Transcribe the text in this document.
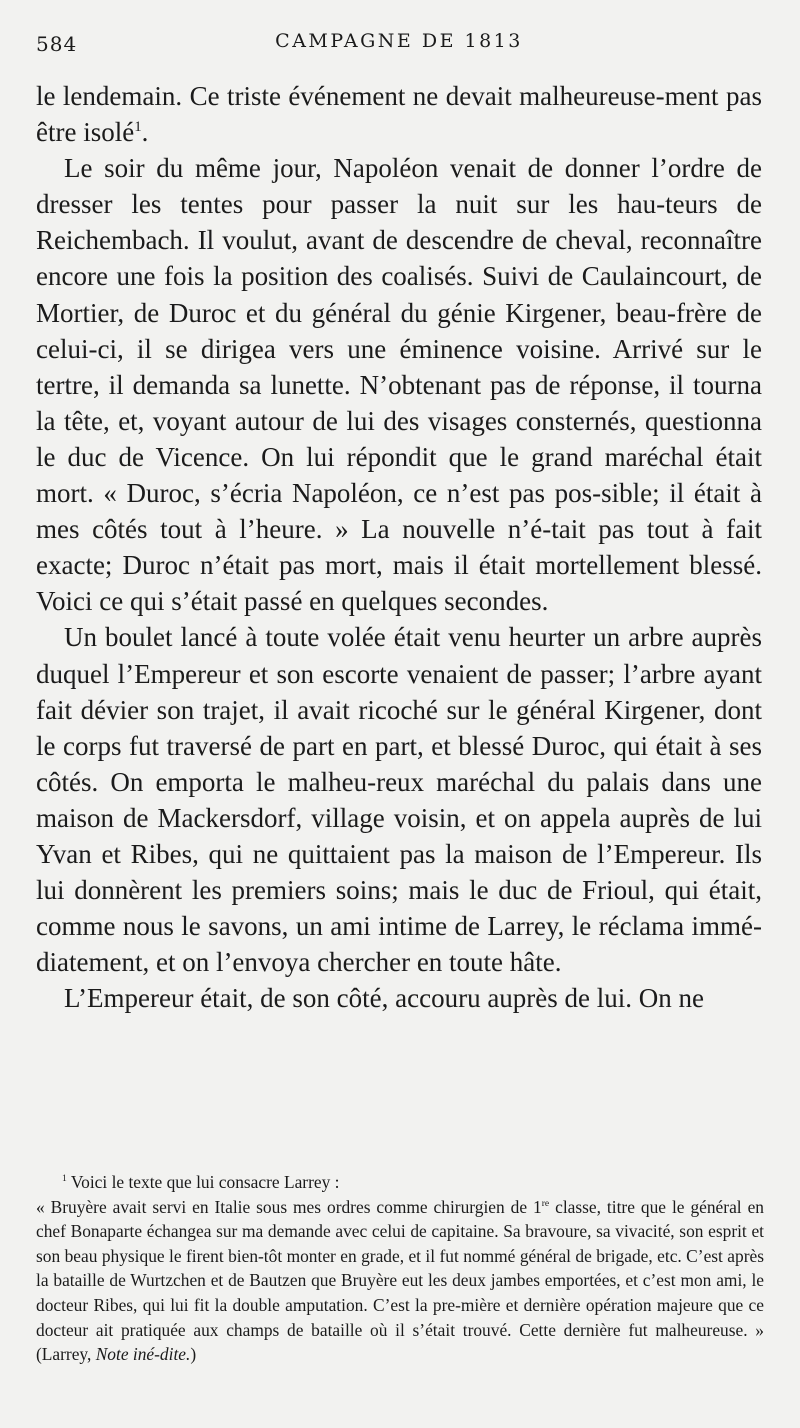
584	CAMPAGNE DE 1813

le lendemain. Ce triste événement ne devait malheureuse-ment pas être isolé$^1$.

Le soir du même jour, Napoléon venait de donner l’ordre de dresser les tentes pour passer la nuit sur les hau-teurs de Reichembach. Il voulut, avant de descendre de cheval, reconnaître encore une fois la position des coalisés. Suivi de Caulaincourt, de Mortier, de Duroc et du général du génie Kirgener, beau-frère de celui-ci, il se dirigea vers une éminence voisine. Arrivé sur le tertre, il demanda sa lunette. N’obtenant pas de réponse, il tourna la tête, et, voyant autour de lui des visages consternés, questionna le duc de Vicence. On lui répondit que le grand maréchal était mort. « Duroc, s’écria Napoléon, ce n’est pas pos-sible; il était à mes côtés tout à l’heure. » La nouvelle n’é-tait pas tout à fait exacte; Duroc n’était pas mort, mais il était mortellement blessé. Voici ce qui s’était passé en quelques secondes.

Un boulet lancé à toute volée était venu heurter un arbre auprès duquel l’Empereur et son escorte venaient de passer; l’arbre ayant fait dévier son trajet, il avait ricoché sur le général Kirgener, dont le corps fut traversé de part en part, et blessé Duroc, qui était à ses côtés. On emporta le malheu-reux maréchal du palais dans une maison de Mackersdorf, village voisin, et on appela auprès de lui Yvan et Ribes, qui ne quittaient pas la maison de l’Empereur. Ils lui donnèrent les premiers soins; mais le duc de Frioul, qui était, comme nous le savons, un ami intime de Larrey, le réclama immé-diatement, et on l’envoya chercher en toute hâte.

L’Empereur était, de son côté, accouru auprès de lui. On ne

$^1$ Voici le texte que lui consacre Larrey :

« Bruyère avait servi en Italie sous mes ordres comme chirurgien de 1re classe, titre que le général en chef Bonaparte échangea sur ma demande avec celui de capitaine. Sa bravoure, sa vivacité, son esprit et son beau physique le firent bien-tôt monter en grade, et il fut nommé général de brigade, etc. C’est après la bataille de Wurtzchen et de Bautzen que Bruyère eut les deux jambes emportées, et c’est mon ami, le docteur Ribes, qui lui fit la double amputation. C’est la pre-mière et dernière opération majeure que ce docteur ait pratiquée aux champs de bataille où il s’était trouvé. Cette dernière fut malheureuse. » (Larrey, Note iné-dite.)
